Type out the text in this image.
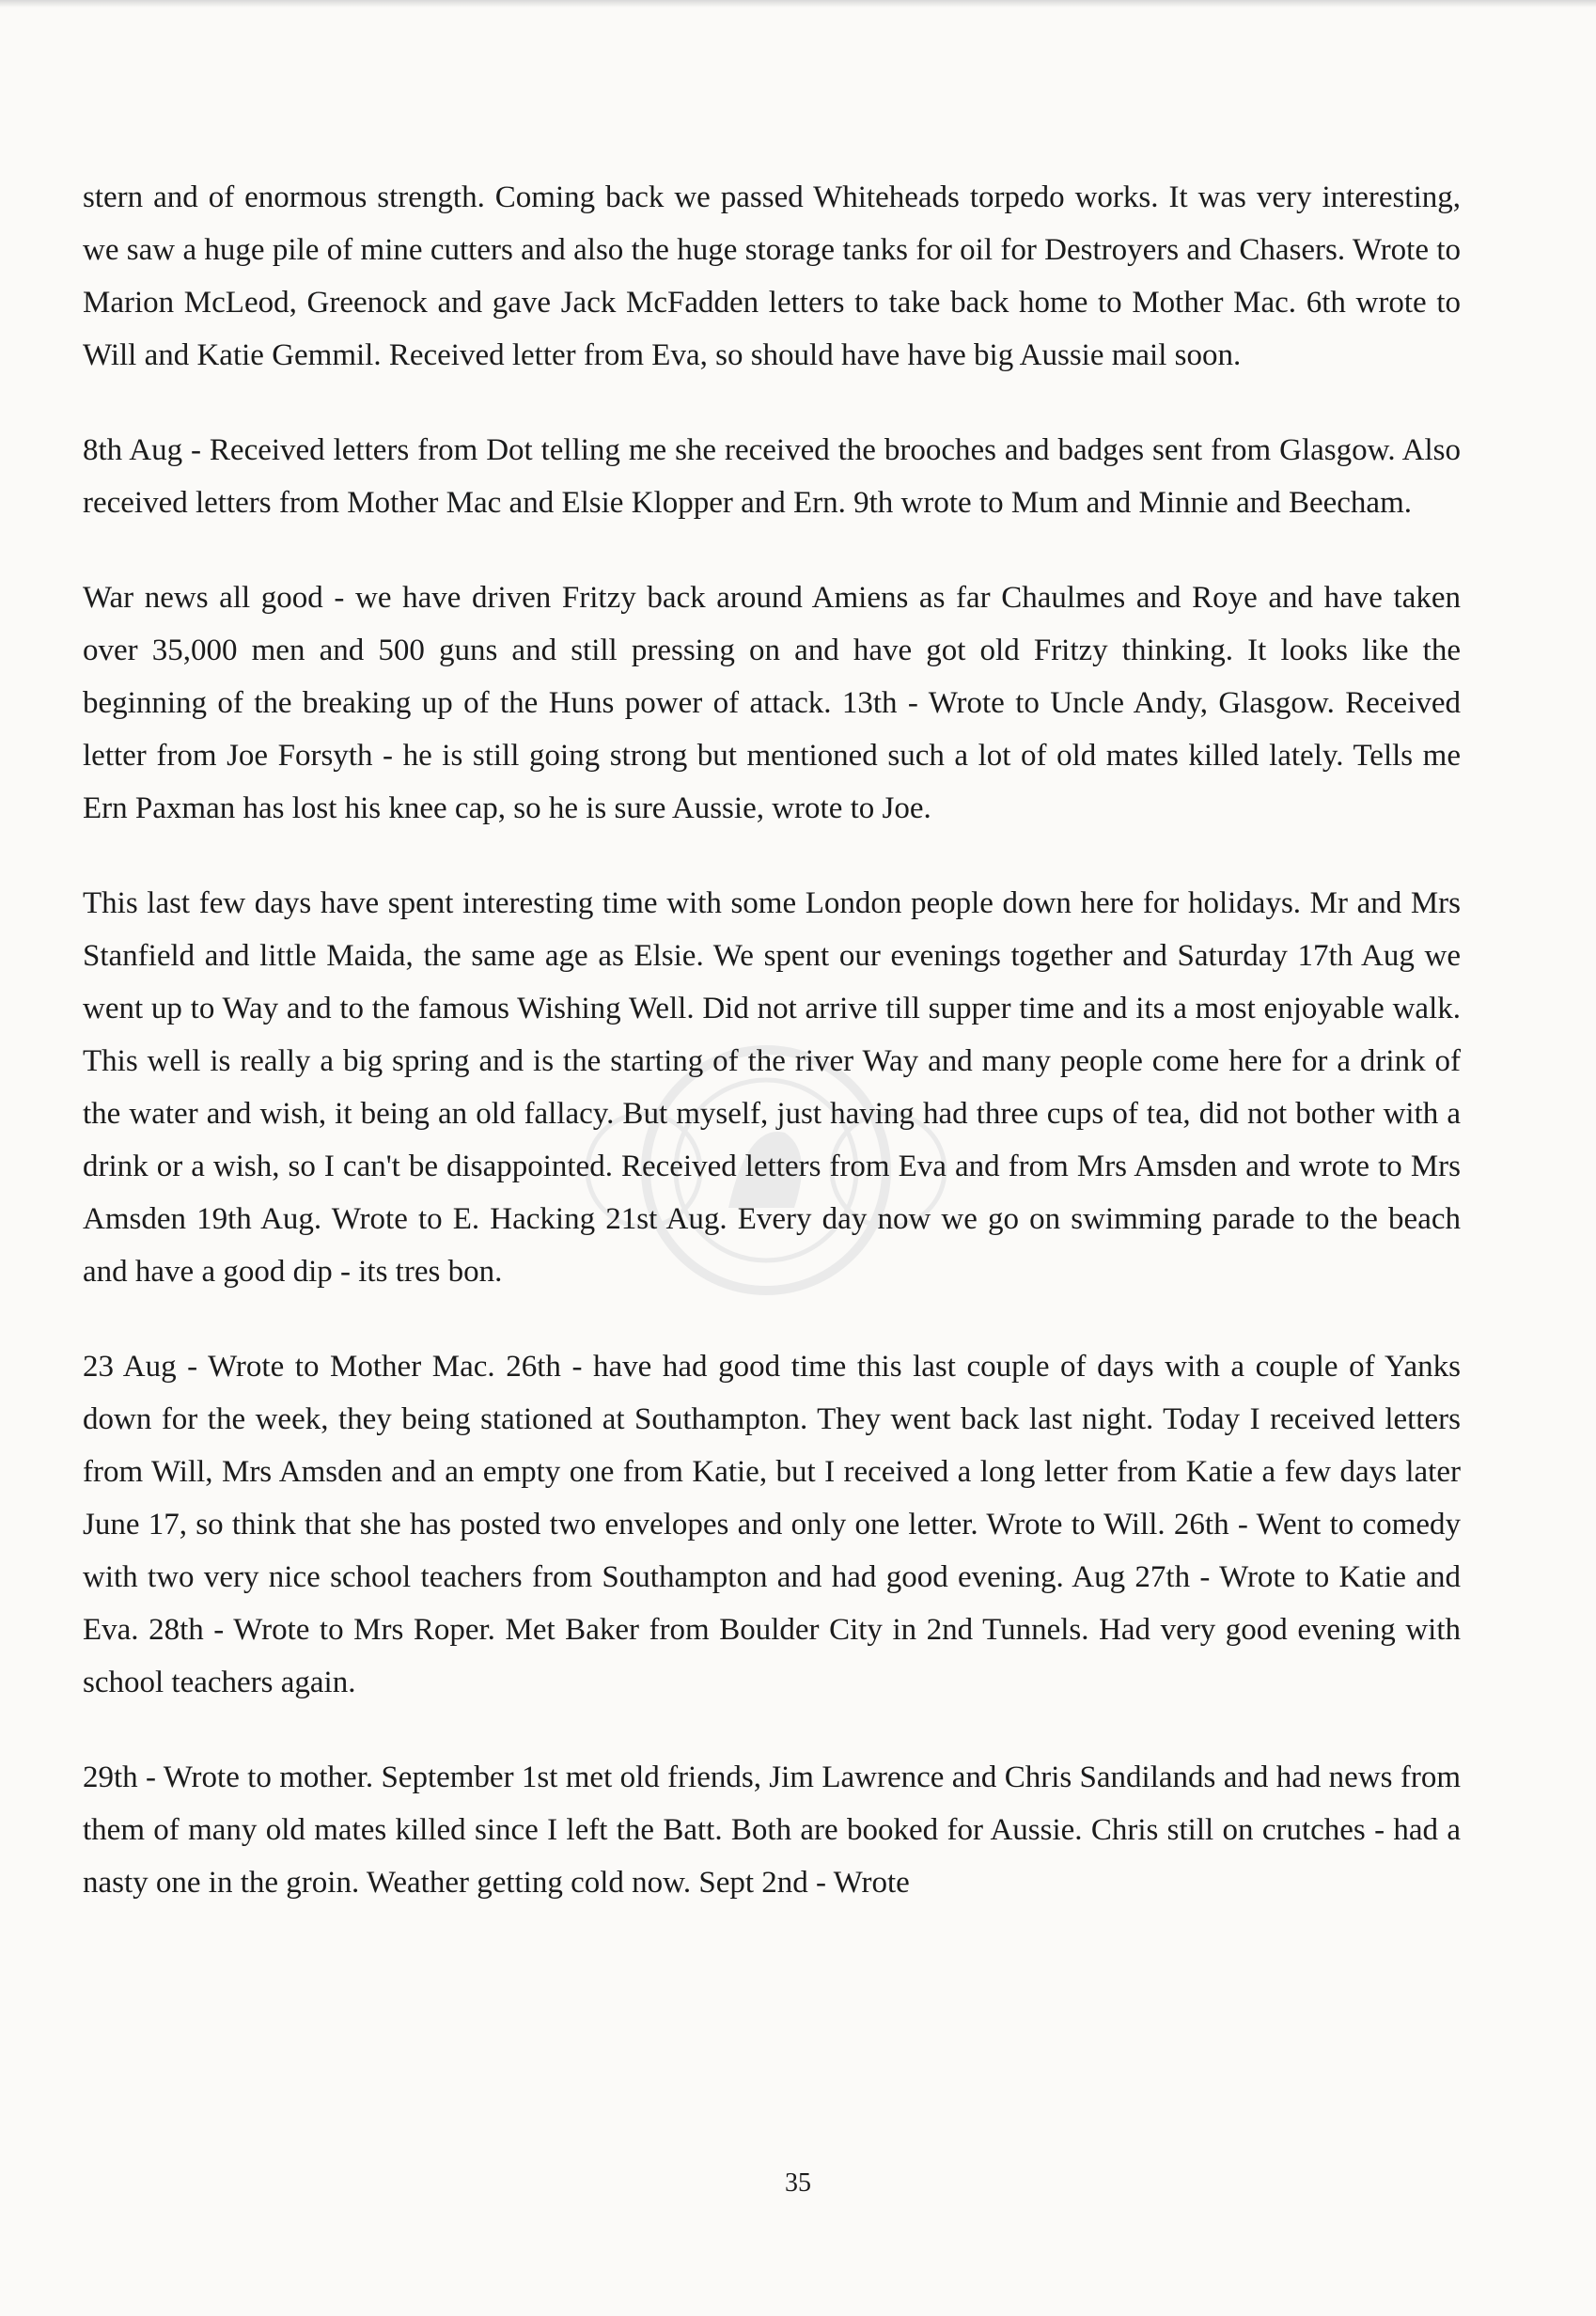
stern and of enormous strength. Coming back we passed Whiteheads torpedo works. It was very interesting, we saw a huge pile of mine cutters and also the huge storage tanks for oil for Destroyers and Chasers. Wrote to Marion McLeod, Greenock and gave Jack McFadden letters to take back home to Mother Mac. 6th wrote to Will and Katie Gemmil. Received letter from Eva, so should have have big Aussie mail soon.

8th Aug - Received letters from Dot telling me she received the brooches and badges sent from Glasgow. Also received letters from Mother Mac and Elsie Klopper and Ern. 9th wrote to Mum and Minnie and Beecham.

War news all good - we have driven Fritzy back around Amiens as far Chaulmes and Roye and have taken over 35,000 men and 500 guns and still pressing on and have got old Fritzy thinking. It looks like the beginning of the breaking up of the Huns power of attack. 13th - Wrote to Uncle Andy, Glasgow. Received letter from Joe Forsyth - he is still going strong but mentioned such a lot of old mates killed lately. Tells me Ern Paxman has lost his knee cap, so he is sure Aussie, wrote to Joe.

This last few days have spent interesting time with some London people down here for holidays. Mr and Mrs Stanfield and little Maida, the same age as Elsie. We spent our evenings together and Saturday 17th Aug we went up to Way and to the famous Wishing Well. Did not arrive till supper time and its a most enjoyable walk. This well is really a big spring and is the starting of the river Way and many people come here for a drink of the water and wish, it being an old fallacy. But myself, just having had three cups of tea, did not bother with a drink or a wish, so I can't be disappointed. Received letters from Eva and from Mrs Amsden and wrote to Mrs Amsden 19th Aug. Wrote to E. Hacking 21st Aug. Every day now we go on swimming parade to the beach and have a good dip - its tres bon.

23 Aug - Wrote to Mother Mac. 26th - have had good time this last couple of days with a couple of Yanks down for the week, they being stationed at Southampton. They went back last night. Today I received letters from Will, Mrs Amsden and an empty one from Katie, but I received a long letter from Katie a few days later June 17, so think that she has posted two envelopes and only one letter. Wrote to Will. 26th - Went to comedy with two very nice school teachers from Southampton and had good evening. Aug 27th - Wrote to Katie and Eva. 28th - Wrote to Mrs Roper. Met Baker from Boulder City in 2nd Tunnels. Had very good evening with school teachers again.

29th - Wrote to mother. September 1st met old friends, Jim Lawrence and Chris Sandilands and had news from them of many old mates killed since I left the Batt. Both are booked for Aussie. Chris still on crutches - had a nasty one in the groin. Weather getting cold now. Sept 2nd - Wrote

35
